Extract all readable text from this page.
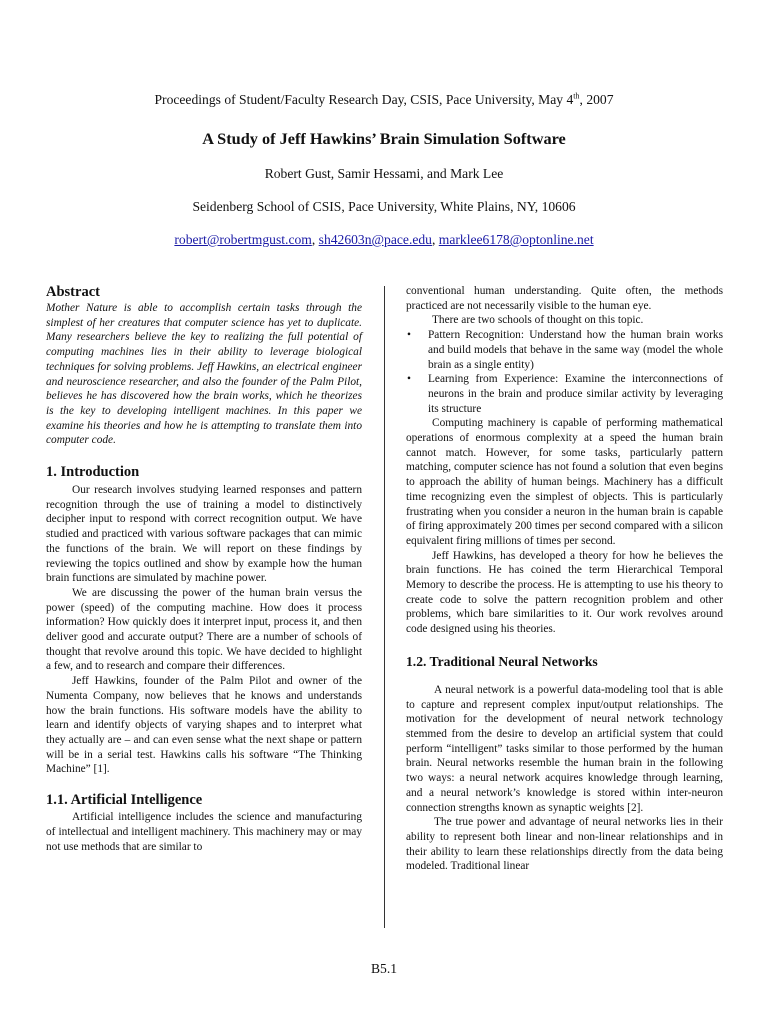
Proceedings of Student/Faculty Research Day, CSIS, Pace University, May 4th, 2007
A Study of Jeff Hawkins’ Brain Simulation Software
Robert Gust, Samir Hessami, and Mark Lee
Seidenberg School of CSIS, Pace University, White Plains, NY, 10606
robert@robertmgust.com, sh42603n@pace.edu, marklee6178@optonline.net
Abstract

Mother Nature is able to accomplish certain tasks through the simplest of her creatures that computer science has yet to duplicate. Many researchers believe the key to realizing the full potential of computing machines lies in their ability to leverage biological techniques for solving problems. Jeff Hawkins, an electrical engineer and neuroscience researcher, and also the founder of the Palm Pilot, believes he has discovered how the brain works, which he theorizes is the key to developing intelligent machines. In this paper we examine his theories and how he is attempting to translate them into computer code.

1. Introduction

Our research involves studying learned responses and pattern recognition through the use of training a model to distinctively decipher input to respond with correct recognition output. We have studied and practiced with various software packages that can mimic the functions of the brain. We will report on these findings by reviewing the topics outlined and show by example how the human brain functions are simulated by machine power.

We are discussing the power of the human brain versus the power (speed) of the computing machine. How does it process information? How quickly does it interpret input, process it, and then deliver good and accurate output? There are a number of schools of thought that revolve around this topic. We have decided to highlight a few, and to research and compare their differences.

Jeff Hawkins, founder of the Palm Pilot and owner of the Numenta Company, now believes that he knows and understands how the brain functions. His software models have the ability to learn and identify objects of varying shapes and to interpret what they actually are – and can even sense what the next shape or pattern will be in a serial test. Hawkins calls his software “The Thinking Machine” [1].

1.1. Artificial Intelligence

Artificial intelligence includes the science and manufacturing of intellectual and intelligent machinery. This machinery may or may not use methods that are similar to

conventional human understanding. Quite often, the methods practiced are not necessarily visible to the human eye.

There are two schools of thought on this topic.

• Pattern Recognition: Understand how the human brain works and build models that behave in the same way (model the whole brain as a single entity)
• Learning from Experience: Examine the interconnections of neurons in the brain and produce similar activity by leveraging its structure

Computing machinery is capable of performing mathematical operations of enormous complexity at a speed the human brain cannot match. However, for some tasks, particularly pattern matching, computer science has not found a solution that even begins to approach the ability of human beings. Machinery has a difficult time recognizing even the simplest of objects. This is particularly frustrating when you consider a neuron in the human brain is capable of firing approximately 200 times per second compared with a silicon equivalent firing millions of times per second.

Jeff Hawkins, has developed a theory for how he believes the brain functions. He has coined the term Hierarchical Temporal Memory to describe the process. He is attempting to use his theory to create code to solve the pattern recognition problem and other problems, which bare similarities to it. Our work revolves around code designed using his theories.

1.2. Traditional Neural Networks

A neural network is a powerful data-modeling tool that is able to capture and represent complex input/output relationships. The motivation for the development of neural network technology stemmed from the desire to develop an artificial system that could perform “intelligent” tasks similar to those performed by the human brain. Neural networks resemble the human brain in the following two ways: a neural network acquires knowledge through learning, and a neural network’s knowledge is stored within inter-neuron connection strengths known as synaptic weights [2].

The true power and advantage of neural networks lies in their ability to represent both linear and non-linear relationships and in their ability to learn these relationships directly from the data being modeled. Traditional linear

B5.1
